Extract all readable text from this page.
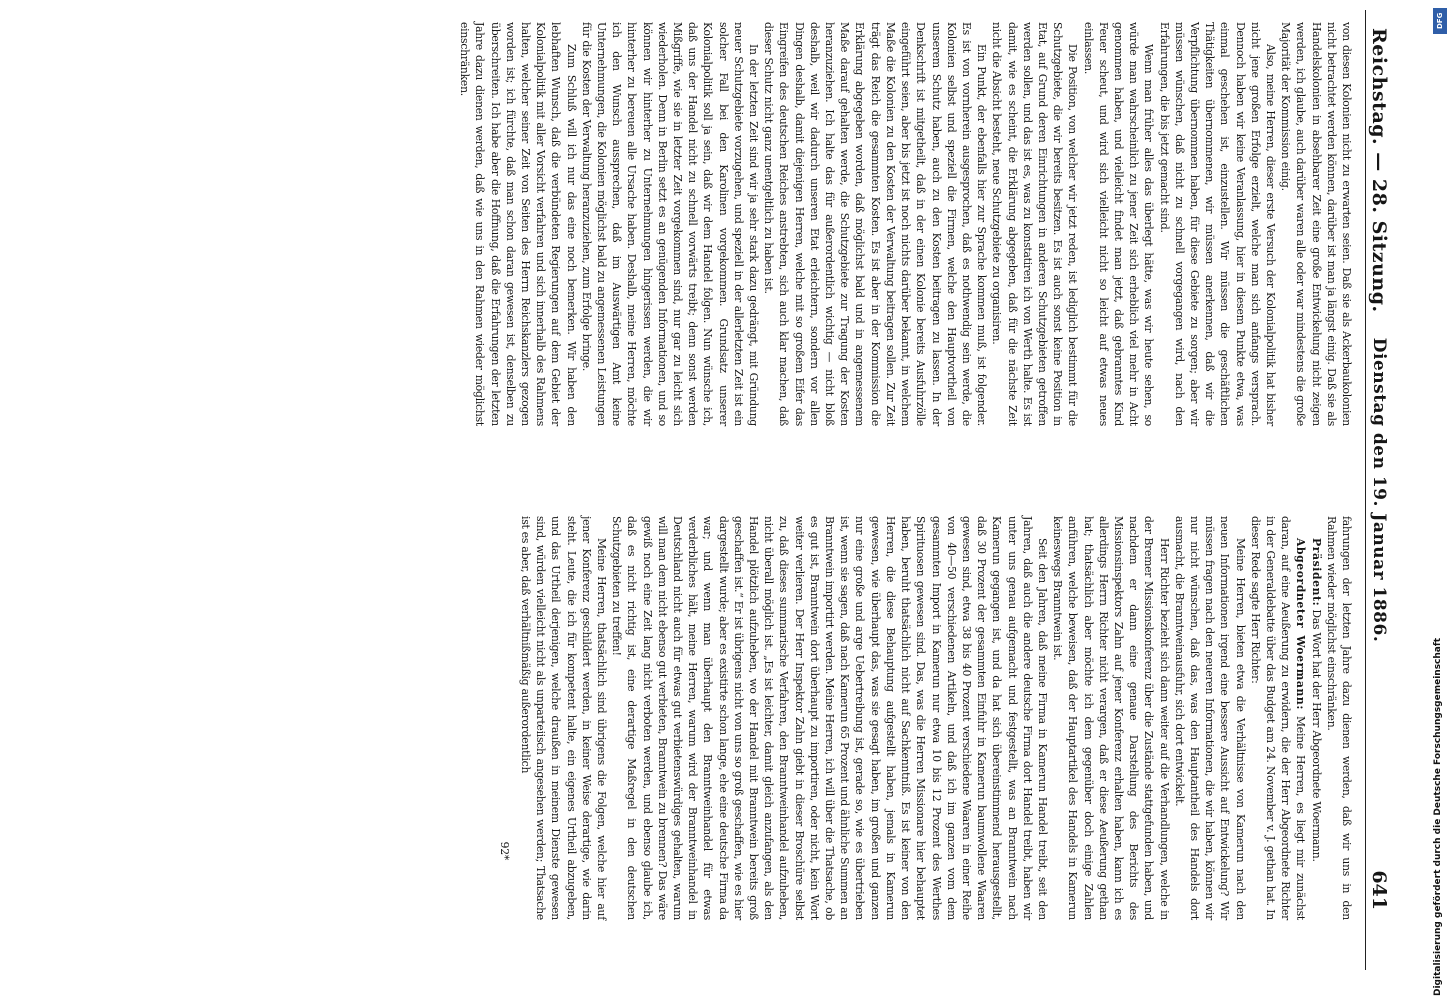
Reichstag. — 28. Sitzung.
Dienstag den 19. Januar 1886.
641

von diesen Kolonien nicht zu erwarten seien. Daß sie als Ackerbaukolonien nicht betrachtet werden können, darüber ist man ja längst einig. Daß sie als Handelskolonien in absehbarer Zeit eine große Entwickelung nicht zeigen werden, ich glaube, auch darüber waren alle oder war mindestens die große Majorität der Kommission einig.

Also, meine Herren, dieser erste Versuch der Kolonialpolitik hat bisher nicht jene großen Erfolge erzielt, welche man sich anfangs versprach. Dennoch haben wir keine Veranlassung, hier in diesem Punkte etwa, was einmal geschehen ist, einzustellen. Wir müssen die geschäftlichen Thätigkeiten übernommenen, wir müssen anerkennen, daß wir die Verpflichtung übernommen haben, für diese Gebiete zu sorgen; aber wir müssen wünschen, daß nicht zu schnell vorgegangen wird, nach den Erfahrungen, die bis jetzt gemacht sind.

Wenn man früher alles das überlegt hätte, was wir heute sehen, so würde man wahrscheinlich zu jener Zeit sich erheblich viel mehr in Acht genommen haben, und vielleicht findet man jetzt, daß gebranntes Kind Feuer scheut, und wird sich vielleicht nicht so leicht auf etwas neues einlassen.

Die Position, von welcher wir jetzt reden, ist lediglich bestimmt für die Schutzgebiete, die wir bereits besitzen. Es ist auch sonst keine Position in Etat, auf Grund deren Einrichtungen in anderen Schutzgebieten getroffen werden sollen, und das ist es, was zu konstatiren ich von Werth halte. Es ist damit, wie es scheint, die Erklärung abgegeben, daß für die nächste Zeit nicht die Absicht besteht, neue Schutzgebiete zu organisiren.

Ein Punkt, der ebenfalls hier zur Sprache kommen muß, ist folgender. Es ist von vornherein ausgesprochen, daß es nothwendig sein werde, die Kolonien selbst und speziell die Firmen, welche den Hauptvortheil von unserem Schutz haben, auch zu den Kosten beitragen zu lassen. In der Denkschrift ist mitgetheilt, daß in der einen Kolonie bereits Ausfuhrzölle eingeführt seien, aber bis jetzt ist noch nichts darüber bekannt, in welchem Maße die Kolonien zu den Kosten der Verwaltung beitragen sollen. Zur Zeit trägt das Reich die gesammten Kosten. Es ist aber in der Kommission die Erklärung abgegeben worden, daß möglichst bald und in angemessenem Maße darauf gehalten werde, die Schutzgebiete zur Tragung der Kosten heranzuziehen. Ich halte das für außerordentlich wichtig — nicht bloß deshalb, weil wir dadurch unseren Etat erleichtern, sondern vor allen Dingen deshalb, damit diejenigen Herren, welche mit so großem Eifer das Eingreifen des deutschen Reiches anstrebten, sich auch klar machen, daß dieser Schutz nicht ganz unentgeltlich zu haben ist.

In der letzten Zeit sind wir ja sehr stark dazu gedrängt, mit Gründung neuer Schutzgebiete vorzugehen, und speziell in der allerletzten Zeit ist ein solcher Fall bei den Karolinen vorgekommen. Grundsatz unserer Kolonialpolitik soll ja sein, daß wir dem Handel folgen. Nun wünsche ich, daß uns der Handel nicht zu schnell vorwärts treibt; denn sonst werden Mißgriffe, wie sie in letzter Zeit vorgekommen sind, nur gar zu leicht sich wiederholen. Denn in Berlin setzt es an genügenden Informationen, und so können wir hinterher zu Unternehmungen hingerissen werden, die wir hinterher zu bereuen alle Ursache haben. Deshalb, meine Herren, möchte ich den Wunsch aussprechen, daß im Auswärtigen Amt keine Unternehmungen, die Kolonien möglichst bald zu angemessenen Leistungen für die Kosten der Verwaltung heranzuziehen, zum Erfolge bringe.

Zum Schluß will ich nur das eine noch bemerken. Wir haben den lebhaften Wunsch, daß die verbündeten Regierungen auf dem Gebiet der Kolonialpolitik mit aller Vorsicht verfahren und sich innerhalb des Rahmens halten, welcher seiner Zeit von Seiten des Herrn Reichskanzlers gezogen worden ist; ich fürchte, daß man schon daran gewesen ist, denselben zu überschreiten. Ich habe aber die Hoffnung, daß die Erfahrungen der letzten Jahre dazu dienen werden, daß wie uns in den Rahmen wieder möglichst einschränken.

fahrungen der letzten Jahre dazu dienen werden, daß wir uns in den Rahmen wieder möglichst einschränken.

Präsident: Das Wort hat der Herr Abgeordnete Woermann.

Abgeordneter Woermann: Meine Herren, es liegt mir zunächst daran, auf eine Aeußerung zu erwidern, die der Herr Abgeordnete Richter in der Generaldebatte über das Budget am 24. November v. J. gethan hat. In dieser Rede sagte Herr Richter:

Meine Herren, bieten etwa die Verhältnisse von Kamerun nach den neuen Informationen irgend eine bessere Aussicht auf Entwickelung? Wir müssen fragen nach den neueren Informationen, die wir haben, können wir nur nicht wünschen, daß das, was den Hauptantheil des Handels dort ausmacht, die Branntweinausfuhr, sich dort entwickelt.

Herr Richter bezieht sich dann weiter auf die Verhandlungen, welche in der Bremer Missionskonferenz über die Zustände stattgefunden haben, und nachdem er dann eine genaue Darstellung des Berichts des Missionsinspektors Zahn auf jener Konferenz erhalten haben, kann ich es allerdings Herrn Richter nicht verargen, daß er diese Aeußerung gethan hat; thatsächlich aber möchte ich dem gegenüber doch einige Zahlen anführen, welche beweisen, daß der Hauptartikel des Handels in Kamerun keineswegs Branntwein ist.

Seit den Jahren, daß meine Firma in Kamerun Handel treibt, seit den Jahren, daß auch die andere deutsche Firma dort Handel treibt, haben wir unter uns genau aufgemacht und festgestellt, was an Branntwein nach Kamerun gegangen ist, und da hat sich übereinstimmend herausgestellt, daß 30 Prozent der gesammten Einfuhr in Kamerun baumwollene Waaren gewesen sind, etwa 38 bis 40 Prozent verschiedene Waaren in einer Reihe von 40—50 verschiedenen Artikeln, und daß ich im ganzen vom dem gesammten Import in Kamerun nur etwa 10 bis 12 Prozent des Werthes Spirituosen gewesen sind. Das, was die Herren Missionare hier behauptet haben, beruht thatsächlich nicht auf Sachkenntniß. Es ist keiner von den Herren, die diese Behauptung aufgestellt haben, jemals in Kamerun gewesen, wie überhaupt das, was sie gesagt haben, im großen und ganzen nur eine große und arge Uebertreibung ist, gerade so, wie es übertrieben ist, wenn sie sagen, daß nach Kamerun 65 Prozent und ähnliche Summen an Branntwein importirt werden. Meine Herren, ich will über die Thatsache, ob es gut ist, Branntwein dort überhaupt zu importiren, oder nicht, kein Wort weiter verlieren. Der Herr Inspektor Zahn giebt in dieser Broschüre selbst zu, daß dieses summarische Verfahren, den Branntweinhandel aufzuheben, nicht überall möglich ist. „Es ist leichter, damit gleich anzufangen, als den Handel plötzlich aufzuheben, wo der Handel mit Branntwein bereits groß geschaffen ist.“ Er ist übrigens nicht von uns so groß geschaffen, wie es hier dargestellt wurde; aber es existirte schon lange, ehe eine deutsche Firma da war; und wenn man überhaupt den Branntweinhandel für etwas verderbliches hält, meine Herren, warum wird der Branntweinhandel in Deutschland nicht auch für etwas gut verbietenswürdiges gehalten, warum will man dem nicht ebenso gut verbieten, Branntwein zu brennen? Das wäre gewiß noch eine Zeit lang nicht verboten werden, und ebenso glaube ich, daß es nicht richtig ist, eine derartige Maßregel in den deutschen Schutzgebieten zu treffen!

Meine Herren, thatsächlich sind übrigens die Folgen, welche hier auf jener Konferenz geschildert werden, in keiner Weise derartige, wie darin steht. Leute, die ich für kompetent halte, ein eigenes Urtheil abzugeben, und das Urtheil derjenigen, welche draußen in meinem Dienste gewesen sind, würden vielleicht nicht als unparteiisch angesehen werden; Thatsache ist es aber, daß verhältnißmäßig außerordentlich

92*	Digitalisierung gefördert durch die Deutsche Forschungsgemeinschaft
DFG
